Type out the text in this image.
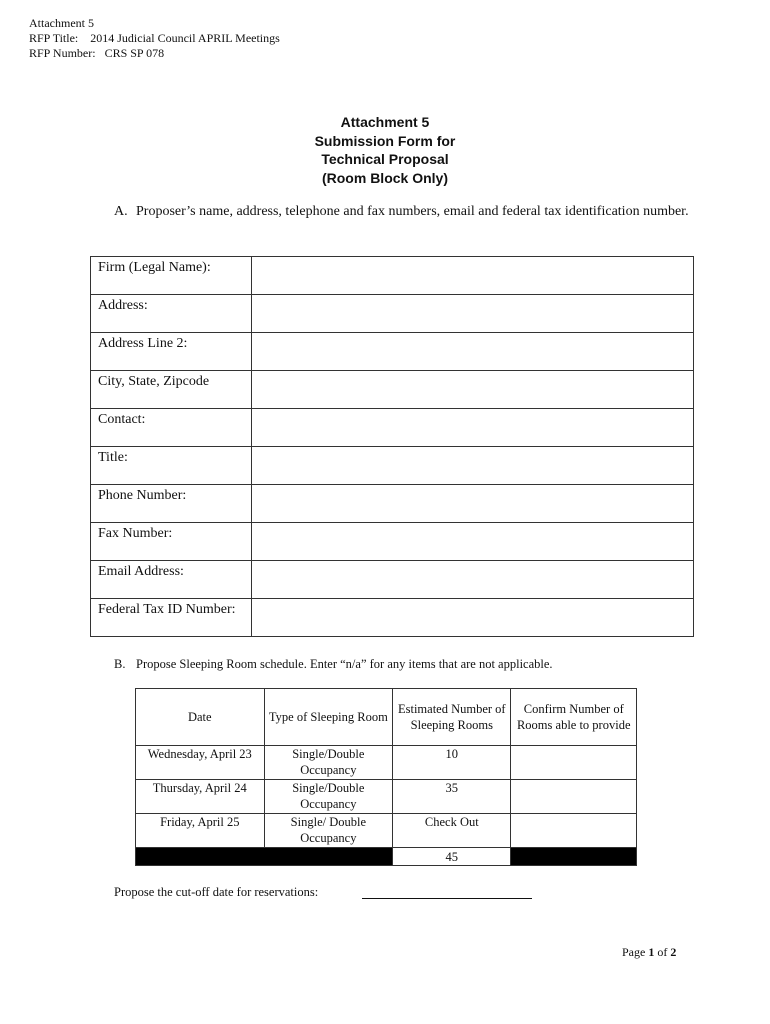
Attachment 5
RFP Title:    2014 Judicial Council APRIL Meetings
RFP Number:   CRS SP 078
Attachment 5
Submission Form for
Technical Proposal
(Room Block Only)
A. Proposer’s name, address, telephone and fax numbers, email and federal tax identification number.
Firm (Legal Name):	
Address:	
Address Line 2:	
City, State, Zipcode	
Contact:	
Title:	
Phone Number:	
Fax Number:	
Email Address:	
Federal Tax ID Number:	
B. Propose Sleeping Room schedule. Enter “n/a” for any items that are not applicable.
Date	Type of Sleeping Room	Estimated Number of Sleeping Rooms	Confirm Number of Rooms able to provide
Wednesday, April 23	Single/Double Occupancy	10	
Thursday, April 24	Single/Double Occupancy	35	
Friday, April 25	Single/ Double Occupancy	Check Out	
		45	
Propose the cut-off date for reservations:
Page 1 of 2
